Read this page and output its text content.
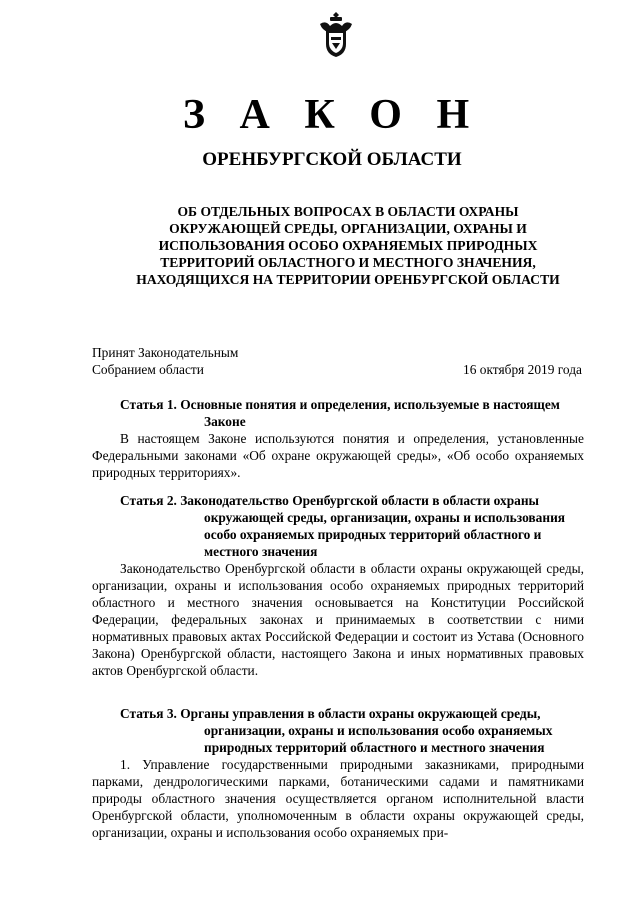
З А К О Н
ОРЕНБУРГСКОЙ ОБЛАСТИ
ОБ ОТДЕЛЬНЫХ ВОПРОСАХ В ОБЛАСТИ ОХРАНЫ
ОКРУЖАЮЩЕЙ СРЕДЫ, ОРГАНИЗАЦИИ, ОХРАНЫ И
ИСПОЛЬЗОВАНИЯ ОСОБО ОХРАНЯЕМЫХ ПРИРОДНЫХ
ТЕРРИТОРИЙ ОБЛАСТНОГО И МЕСТНОГО ЗНАЧЕНИЯ,
НАХОДЯЩИХСЯ НА ТЕРРИТОРИИ ОРЕНБУРГСКОЙ ОБЛАСТИ
Принят Законодательным
Собранием области	16 октября 2019 года
Статья 1. Основные понятия и определения, используемые в настоящем Законе

В настоящем Законе используются понятия и определения, установленные Федеральными законами «Об охране окружающей среды», «Об особо охраняемых природных территориях».

Статья 2. Законодательство Оренбургской области в области охраны окружающей среды, организации, охраны и использования особо охраняемых природных территорий областного и местного значения

Законодательство Оренбургской области в области охраны окружающей среды, организации, охраны и использования особо охраняемых природных территорий областного и местного значения основывается на Конституции Российской Федерации, федеральных законах и принимаемых в соответствии с ними нормативных правовых актах Российской Федерации и состоит из Устава (Основного Закона) Оренбургской области, настоящего Закона и иных нормативных правовых актов Оренбургской области.

Статья 3. Органы управления в области охраны окружающей среды, организации, охраны и использования особо охраняемых природных территорий областного и местного значения

1. Управление государственными природными заказниками, природными парками, дендрологическими парками, ботаническими садами и памятниками природы областного значения осуществляется органом исполнительной власти Оренбургской области, уполномоченным в области охраны окружающей среды, организации, охраны и использования особо охраняемых при-
